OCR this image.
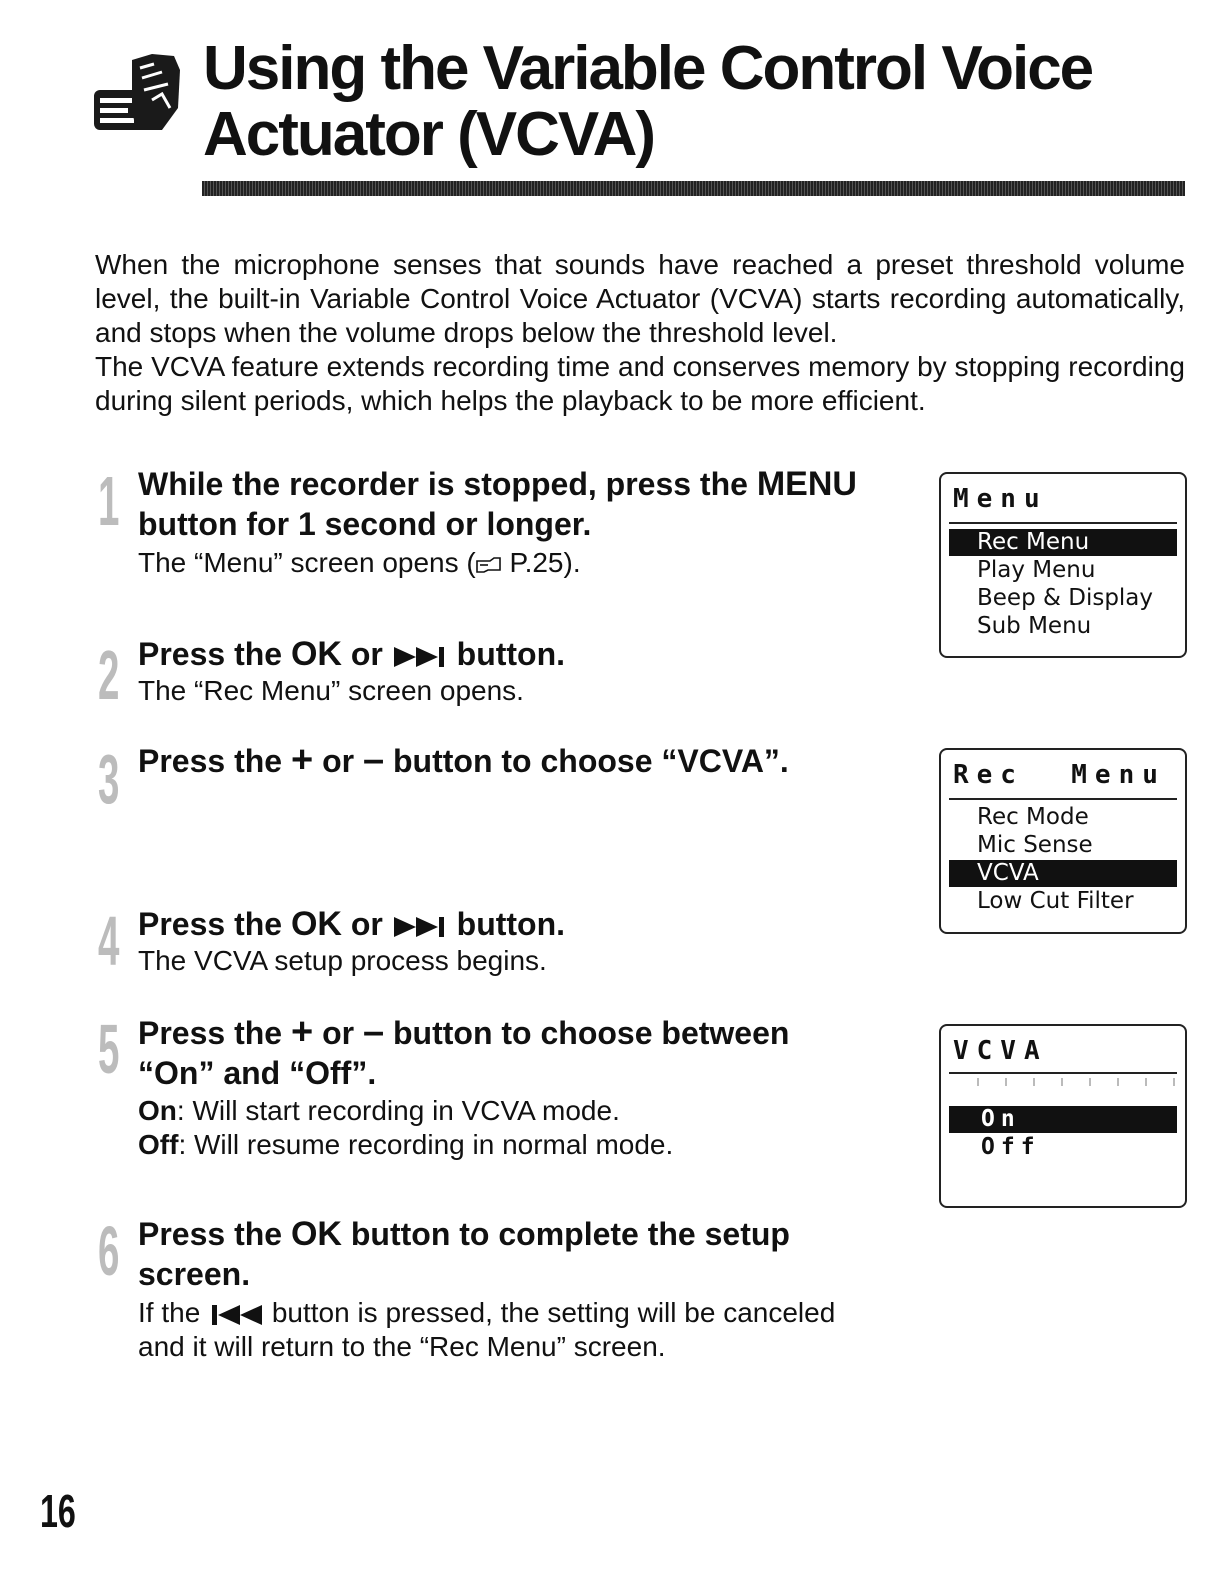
Using the Variable Control Voice
Actuator (VCVA)

When the microphone senses that sounds have reached a preset threshold volume level, the built-in Variable Control Voice Actuator (VCVA) starts recording automatically, and stops when the volume drops below the threshold level.

The VCVA feature extends recording time and conserves memory by stopping recording during silent periods, which helps the playback to be more efficient.

1 While the recorder is stopped, press the MENU
button for 1 second or longer.
The “Menu” screen opens ( P.25).
Menu
Rec Menu
Play Menu
Beep & Display
Sub Menu
2 Press the OK or  button.
The “Rec Menu” screen opens.
3 Press the + or – button to choose “VCVA”.	Rec  Menu
Rec Mode
Mic Sense
VCVA
Low Cut Filter
4 Press the OK or  button.
The VCVA setup process begins.
5 Press the + or – button to choose between
“On” and “Off”.
On: Will start recording in VCVA mode.
Off: Will resume recording in normal mode.
VCVA
On
Off
6 Press the OK button to complete the setup
screen.
If the  button is pressed, the setting will be canceled
and it will return to the “Rec Menu” screen.
16
